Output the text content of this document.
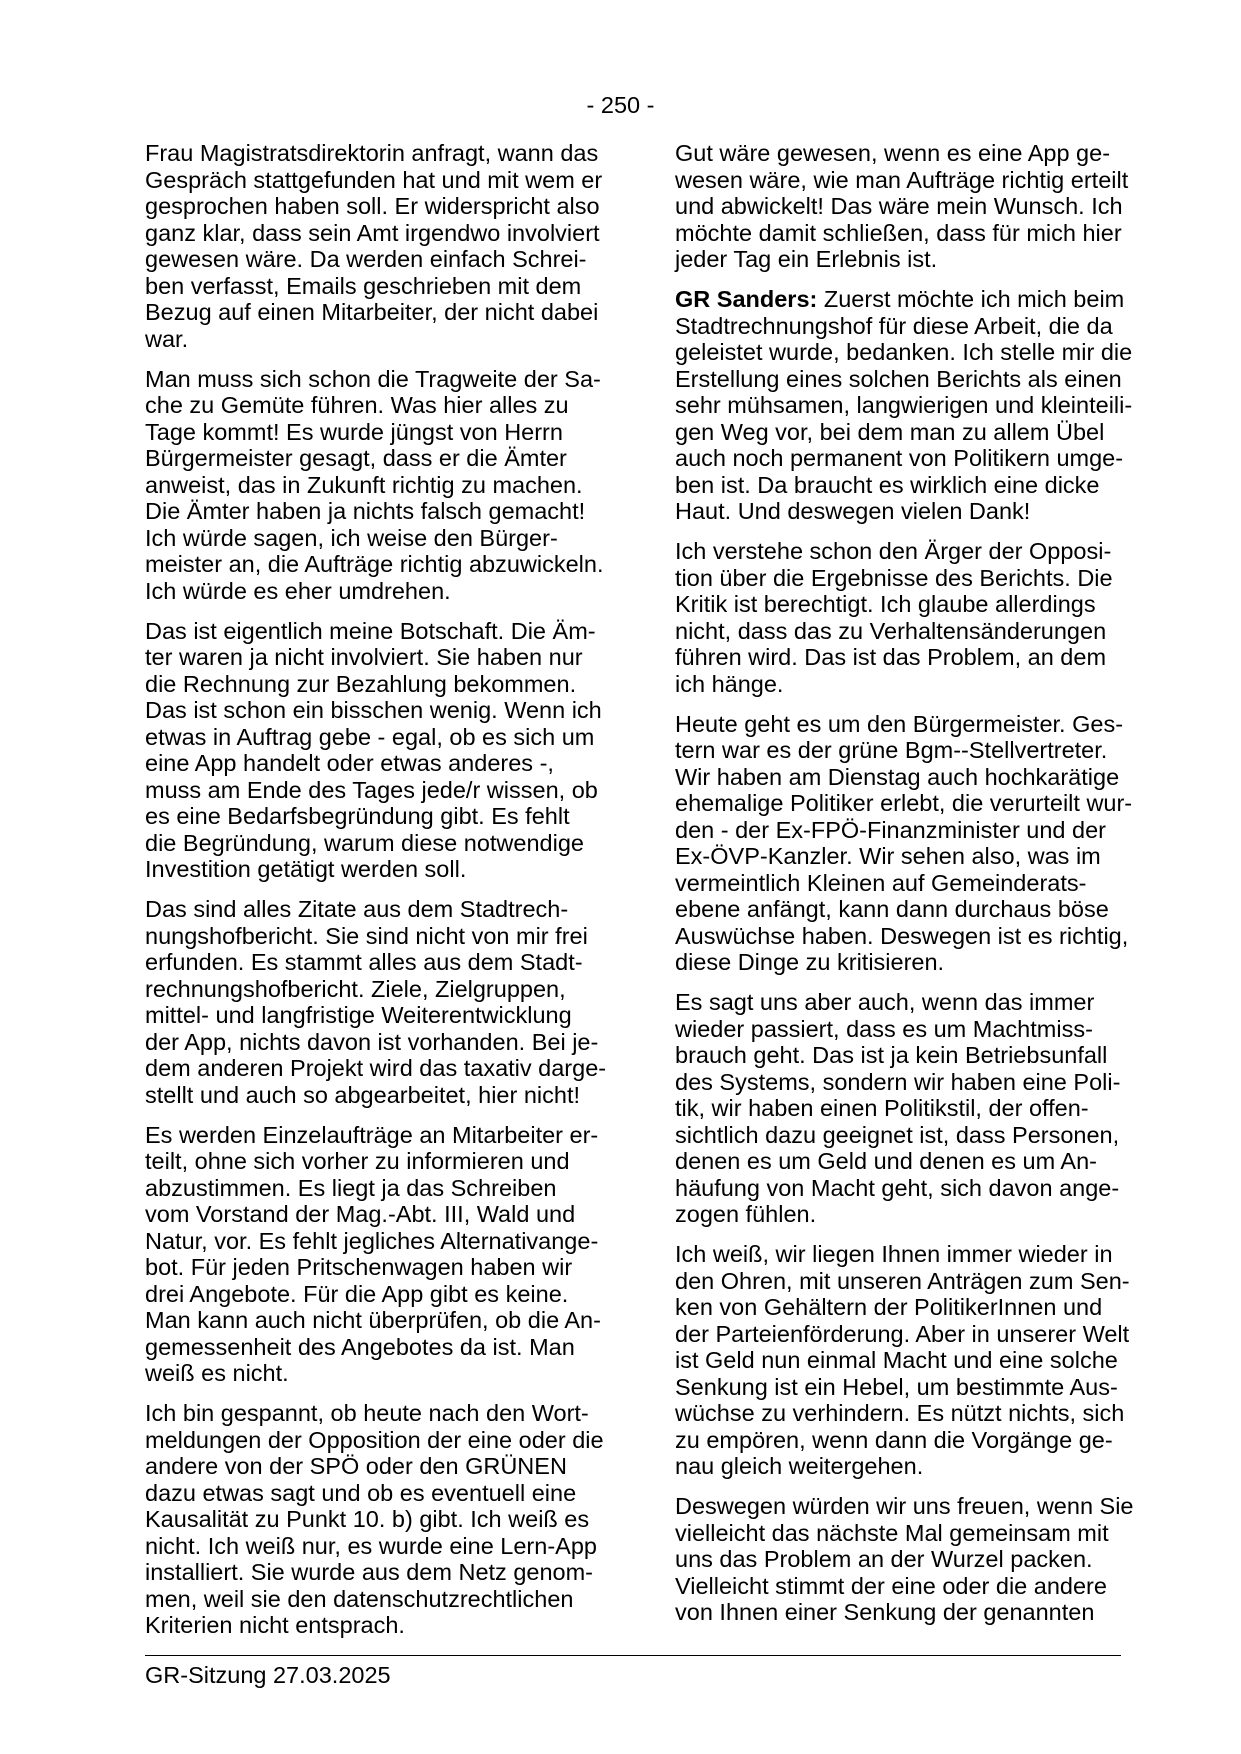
- 250 -

Frau Magistratsdirektorin anfragt, wann das
Gespräch stattgefunden hat und mit wem er
gesprochen haben soll. Er widerspricht also
ganz klar, dass sein Amt irgendwo involviert
gewesen wäre. Da werden einfach Schrei-
ben verfasst, Emails geschrieben mit dem
Bezug auf einen Mitarbeiter, der nicht dabei
war.

Man muss sich schon die Tragweite der Sa-
che zu Gemüte führen. Was hier alles zu
Tage kommt! Es wurde jüngst von Herrn
Bürgermeister gesagt, dass er die Ämter
anweist, das in Zukunft richtig zu machen.
Die Ämter haben ja nichts falsch gemacht!
Ich würde sagen, ich weise den Bürger-
meister an, die Aufträge richtig abzuwickeln.
Ich würde es eher umdrehen.

Das ist eigentlich meine Botschaft. Die Äm-
ter waren ja nicht involviert. Sie haben nur
die Rechnung zur Bezahlung bekommen.
Das ist schon ein bisschen wenig. Wenn ich
etwas in Auftrag gebe - egal, ob es sich um
eine App handelt oder etwas anderes -,
muss am Ende des Tages jede/r wissen, ob
es eine Bedarfsbegründung gibt. Es fehlt
die Begründung, warum diese notwendige
Investition getätigt werden soll.

Das sind alles Zitate aus dem Stadtrech-
nungshofbericht. Sie sind nicht von mir frei
erfunden. Es stammt alles aus dem Stadt-
rechnungshofbericht. Ziele, Zielgruppen,
mittel- und langfristige Weiterentwicklung
der App, nichts davon ist vorhanden. Bei je-
dem anderen Projekt wird das taxativ darge-
stellt und auch so abgearbeitet, hier nicht!

Es werden Einzelaufträge an Mitarbeiter er-
teilt, ohne sich vorher zu informieren und
abzustimmen. Es liegt ja das Schreiben
vom Vorstand der Mag.-Abt. III, Wald und
Natur, vor. Es fehlt jegliches Alternativange-
bot. Für jeden Pritschenwagen haben wir
drei Angebote. Für die App gibt es keine.
Man kann auch nicht überprüfen, ob die An-
gemessenheit des Angebotes da ist. Man
weiß es nicht.

Ich bin gespannt, ob heute nach den Wort-
meldungen der Opposition der eine oder die
andere von der SPÖ oder den GRÜNEN
dazu etwas sagt und ob es eventuell eine
Kausalität zu Punkt 10. b) gibt. Ich weiß es
nicht. Ich weiß nur, es wurde eine Lern-App
installiert. Sie wurde aus dem Netz genom-
men, weil sie den datenschutzrechtlichen
Kriterien nicht entsprach.

Gut wäre gewesen, wenn es eine App ge-
wesen wäre, wie man Aufträge richtig erteilt
und abwickelt! Das wäre mein Wunsch. Ich
möchte damit schließen, dass für mich hier
jeder Tag ein Erlebnis ist.

GR Sanders: Zuerst möchte ich mich beim
Stadtrechnungshof für diese Arbeit, die da
geleistet wurde, bedanken. Ich stelle mir die
Erstellung eines solchen Berichts als einen
sehr mühsamen, langwierigen und kleinteili-
gen Weg vor, bei dem man zu allem Übel
auch noch permanent von Politikern umge-
ben ist. Da braucht es wirklich eine dicke
Haut. Und deswegen vielen Dank!

Ich verstehe schon den Ärger der Opposi-
tion über die Ergebnisse des Berichts. Die
Kritik ist berechtigt. Ich glaube allerdings
nicht, dass das zu Verhaltensänderungen
führen wird. Das ist das Problem, an dem
ich hänge.

Heute geht es um den Bürgermeister. Ges-
tern war es der grüne Bgm--Stellvertreter.
Wir haben am Dienstag auch hochkarätige
ehemalige Politiker erlebt, die verurteilt wur-
den - der Ex-FPÖ-Finanzminister und der
Ex-ÖVP-Kanzler. Wir sehen also, was im
vermeintlich Kleinen auf Gemeinderats-
ebene anfängt, kann dann durchaus böse
Auswüchse haben. Deswegen ist es richtig,
diese Dinge zu kritisieren.

Es sagt uns aber auch, wenn das immer
wieder passiert, dass es um Machtmiss-
brauch geht. Das ist ja kein Betriebsunfall
des Systems, sondern wir haben eine Poli-
tik, wir haben einen Politikstil, der offen-
sichtlich dazu geeignet ist, dass Personen,
denen es um Geld und denen es um An-
häufung von Macht geht, sich davon ange-
zogen fühlen.

Ich weiß, wir liegen Ihnen immer wieder in
den Ohren, mit unseren Anträgen zum Sen-
ken von Gehältern der PolitikerInnen und
der Parteienförderung. Aber in unserer Welt
ist Geld nun einmal Macht und eine solche
Senkung ist ein Hebel, um bestimmte Aus-
wüchse zu verhindern. Es nützt nichts, sich
zu empören, wenn dann die Vorgänge ge-
nau gleich weitergehen.

Deswegen würden wir uns freuen, wenn Sie
vielleicht das nächste Mal gemeinsam mit
uns das Problem an der Wurzel packen.
Vielleicht stimmt der eine oder die andere
von Ihnen einer Senkung der genannten

GR-Sitzung 27.03.2025
